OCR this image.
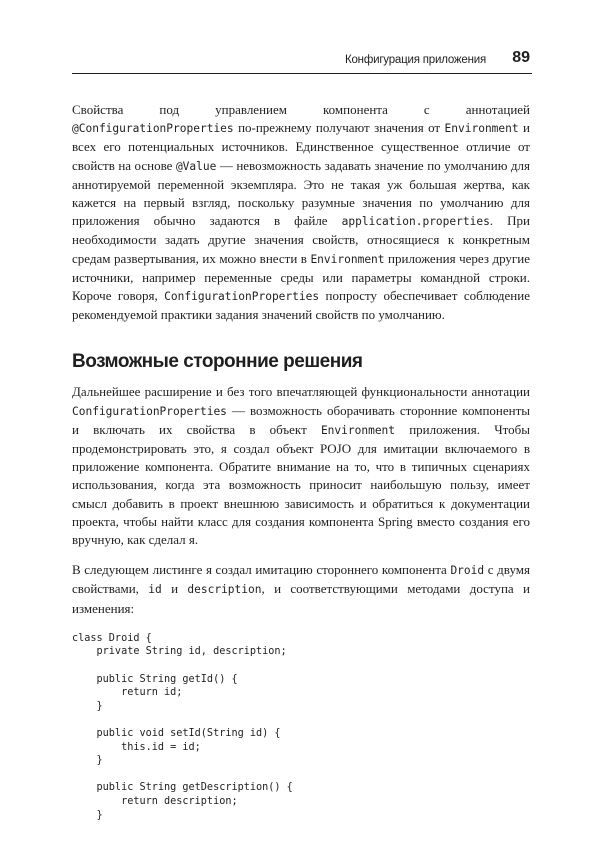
Конфигурация приложения 89

Свойства под управлением компонента с аннотацией @ConfigurationProperties по-прежнему получают значения от Environment и всех его потенциальных источников. Единственное существенное отличие от свойств на основе @Value — невозможность задавать значение по умолчанию для аннотируемой переменной экземпляра. Это не такая уж большая жертва, как кажется на первый взгляд, поскольку разумные значения по умолчанию для приложения обычно задаются в файле application.properties. При необходимости задать другие значения свойств, относящиеся к конкретным средам развертывания, их можно внести в Environment приложения через другие источники, например переменные среды или параметры командной строки. Короче говоря, ConfigurationProperties попросту обеспечивает соблюдение рекомендуемой практики задания значений свойств по умолчанию.

Возможные сторонние решения

Дальнейшее расширение и без того впечатляющей функциональности аннотации ConfigurationProperties — возможность оборачивать сторонние компоненты и включать их свойства в объект Environment приложения. Чтобы продемонстрировать это, я создал объект POJO для имитации включаемого в приложение компонента. Обратите внимание на то, что в типичных сценариях использования, когда эта возможность приносит наибольшую пользу, имеет смысл добавить в проект внешнюю зависимость и обратиться к документации проекта, чтобы найти класс для создания компонента Spring вместо создания его вручную, как сделал я.

В следующем листинге я создал имитацию стороннего компонента Droid с двумя свойствами, id и description, и соответствующими методами доступа и изменения:

class Droid {
private String id, description;

public String getId() {
return id;
}

public void setId(String id) {
this.id = id;
}

public String getDescription() {
return description;
}
